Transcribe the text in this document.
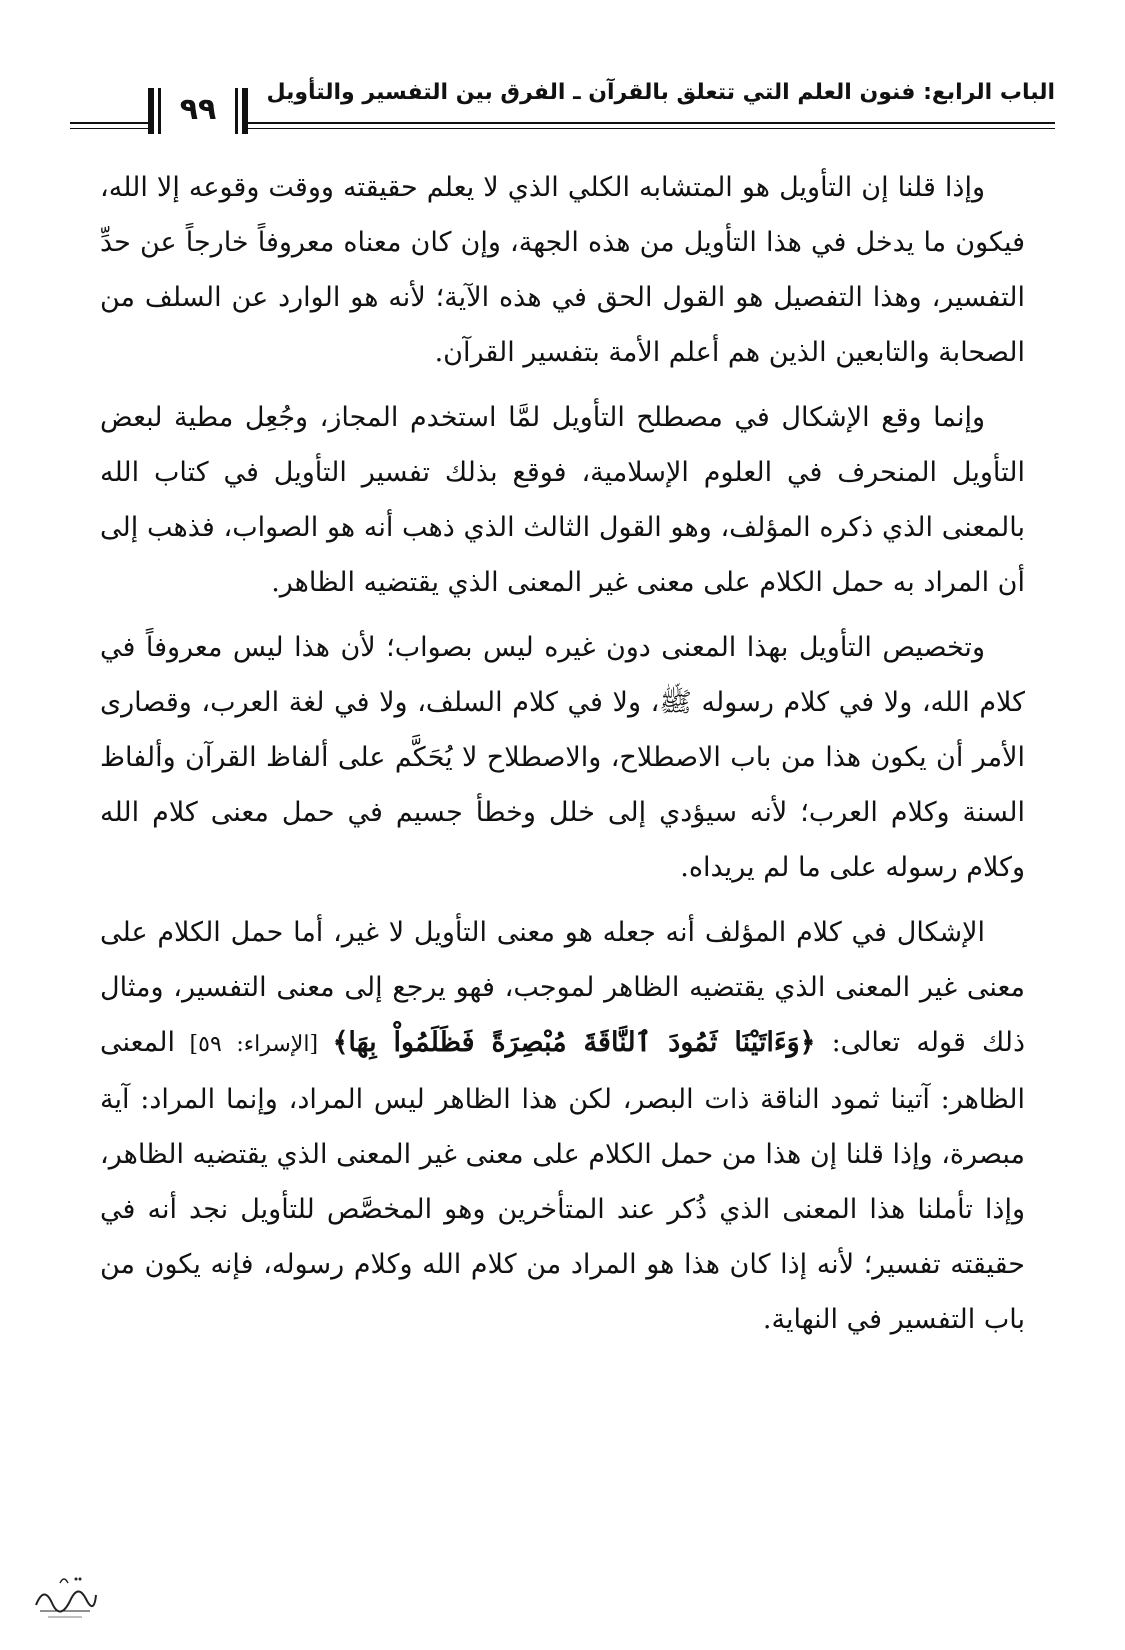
الباب الرابع: فنون العلم التي تتعلق بالقرآن ـ الفرق بين التفسير والتأويل
٩٩

وإذا قلنا إن التأويل هو المتشابه الكلي الذي لا يعلم حقيقته ووقت وقوعه إلا الله، فيكون ما يدخل في هذا التأويل من هذه الجهة، وإن كان معناه معروفاً خارجاً عن حدِّ التفسير، وهذا التفصيل هو القول الحق في هذه الآية؛ لأنه هو الوارد عن السلف من الصحابة والتابعين الذين هم أعلم الأمة بتفسير القرآن.

وإنما وقع الإشكال في مصطلح التأويل لمَّا استخدم المجاز، وجُعِل مطية لبعض التأويل المنحرف في العلوم الإسلامية، فوقع بذلك تفسير التأويل في كتاب الله بالمعنى الذي ذكره المؤلف، وهو القول الثالث الذي ذهب أنه هو الصواب، فذهب إلى أن المراد به حمل الكلام على معنى غير المعنى الذي يقتضيه الظاهر.

وتخصيص التأويل بهذا المعنى دون غيره ليس بصواب؛ لأن هذا ليس معروفاً في كلام الله، ولا في كلام رسوله ﷺ، ولا في كلام السلف، ولا في لغة العرب، وقصارى الأمر أن يكون هذا من باب الاصطلاح، والاصطلاح لا يُحَكَّم على ألفاظ القرآن وألفاظ السنة وكلام العرب؛ لأنه سيؤدي إلى خلل وخطأ جسيم في حمل معنى كلام الله وكلام رسوله على ما لم يريداه.

الإشكال في كلام المؤلف أنه جعله هو معنى التأويل لا غير، أما حمل الكلام على معنى غير المعنى الذي يقتضيه الظاهر لموجب، فهو يرجع إلى معنى التفسير، ومثال ذلك قوله تعالى: ﴿وَءَاتَيْنَا ثَمُودَ ٱلنَّاقَةَ مُبْصِرَةً فَظَلَمُواْ بِهَا﴾ [الإسراء: ٥٩] المعنى الظاهر: آتينا ثمود الناقة ذات البصر، لكن هذا الظاهر ليس المراد، وإنما المراد: آية مبصرة، وإذا قلنا إن هذا من حمل الكلام على معنى غير المعنى الذي يقتضيه الظاهر، وإذا تأملنا هذا المعنى الذي ذُكر عند المتأخرين وهو المخصَّص للتأويل نجد أنه في حقيقته تفسير؛ لأنه إذا كان هذا هو المراد من كلام الله وكلام رسوله، فإنه يكون من باب التفسير في النهاية.
